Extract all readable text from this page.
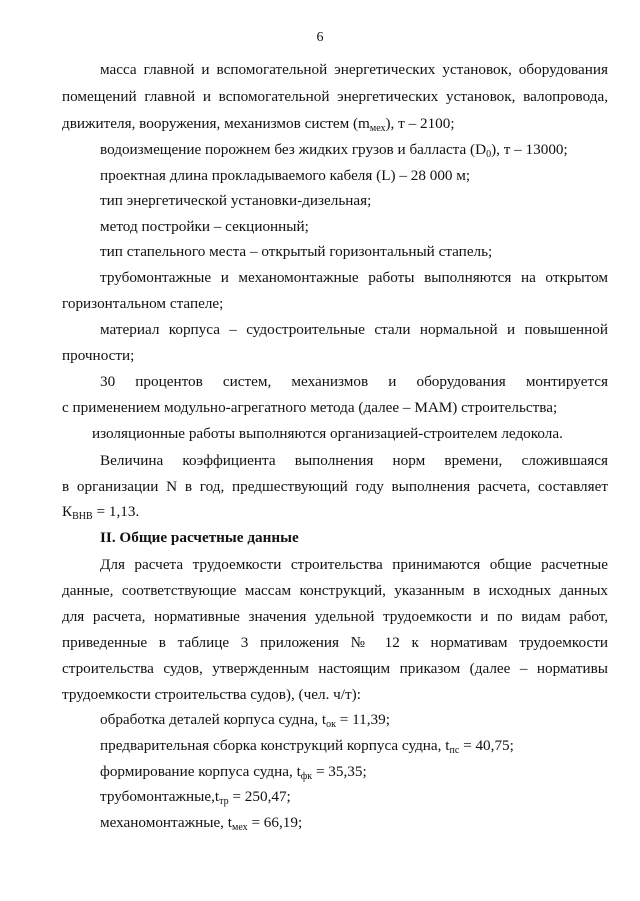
6
масса главной и вспомогательной энергетических установок, оборудования
помещений главной и вспомогательной энергетических установок, валопровода,
движителя, вооружения, механизмов систем $(m_{мех})$, т – 2100;
водоизмещение порожнем без жидких грузов и балласта $(D_0)$, т – 13000;
проектная длина прокладываемого кабеля (L) – 28 000 м;
тип энергетической установки-дизельная;
метод постройки – секционный;
тип стапельного места – открытый горизонтальный стапель;
трубомонтажные и механомонтажные работы выполняются на открытом
горизонтальном стапеле;
материал корпуса – судостроительные стали нормальной и повышенной
прочности;
30 процентов систем, механизмов и оборудования монтируется
с применением модульно-агрегатного метода (далее – МАМ) строительства;
изоляционные работы выполняются организацией-строителем ледокола.
Величина коэффициента выполнения норм времени, сложившаяся
в организации N в год, предшествующий году выполнения расчета, составляет
$К_{ВНВ} = 1,13$.
II. Общие расчетные данные
Для расчета трудоемкости строительства принимаются общие расчетные
данные, соответствующие массам конструкций, указанным в исходных данных
для расчета, нормативные значения удельной трудоемкости и по видам работ,
приведенные в таблице 3 приложения № 12 к нормативам трудоемкости
строительства судов, утвержденным настоящим приказом (далее – нормативы
трудоемкости строительства судов), (чел. ч/т):
обработка деталей корпуса судна, $t_{ок} = 11,39$;
предварительная сборка конструкций корпуса судна, $t_{пс} = 40,75$;
формирование корпуса судна, $t_{фк} = 35,35$;
$трубомонтажные,t_{тр} = 250,47$;
механомонтажные, $t_{мех} = 66,19$;
